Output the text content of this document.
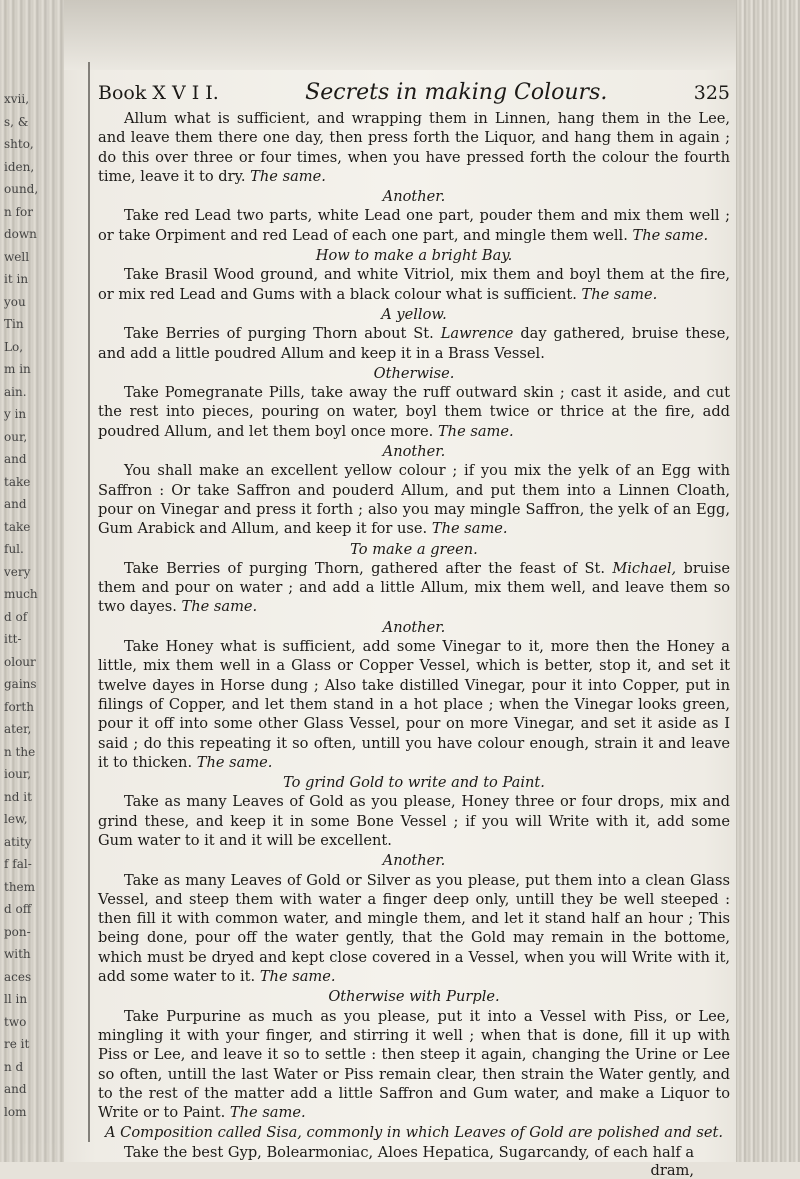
xvii,
s, &
shto,
iden,
ound,
n for
down
well
it in
you
Tin
Lo,
m in
ain.
y in
our,
and
take
and
take
ful.
very
much
d of
itt-
olour
gains
forth
ater,
n the
iour,
nd it
lew,
atity
f fal-
them
d off
pon-
with
aces
ll in
two
re it
n d
and
lom
Book X V I I.	Secrets in making Colours.	325

Allum what is sufficient, and wrapping them in Linnen, hang them in the Lee, and leave them there one day, then press forth the Liquor, and hang them in again ; do this over three or four times, when you have pressed forth the colour the fourth time, leave it to dry. The same.

Another.

Take red Lead two parts, white Lead one part, pouder them and mix them well ; or take Orpiment and red Lead of each one part, and mingle them well. The same.

How to make a bright Bay.

Take Brasil Wood ground, and white Vitriol, mix them and boyl them at the fire, or mix red Lead and Gums with a black colour what is sufficient. The same.

A yellow.

Take Berries of purging Thorn about St. Lawrence day gathered, bruise these, and add a little poudred Allum and keep it in a Brass Vessel.

Otherwise.

Take Pomegranate Pills, take away the ruff outward skin ; cast it aside, and cut the rest into pieces, pouring on water, boyl them twice or thrice at the fire, add poudred Allum, and let them boyl once more. The same.

Another.

You shall make an excellent yellow colour ; if you mix the yelk of an Egg with Saffron : Or take Saffron and pouderd Allum, and put them into a Linnen Cloath, pour on Vinegar and press it forth ; also you may mingle Saffron, the yelk of an Egg, Gum Arabick and Allum, and keep it for use. The same.

To make a green.

Take Berries of purging Thorn, gathered after the feast of St. Michael, bruise them and pour on water ; and add a little Allum, mix them well, and leave them so two dayes. The same.

Another.

Take Honey what is sufficient, add some Vinegar to it, more then the Honey a little, mix them well in a Glass or Copper Vessel, which is better, stop it, and set it twelve dayes in Horse dung ; Also take distilled Vinegar, pour it into Copper, put in filings of Copper, and let them stand in a hot place ; when the Vinegar looks green, pour it off into some other Glass Vessel, pour on more Vinegar, and set it aside as I said ; do this repeating it so often, untill you have colour enough, strain it and leave it to thicken. The same.

To grind Gold to write and to Paint.

Take as many Leaves of Gold as you please, Honey three or four drops, mix and grind these, and keep it in some Bone Vessel ; if you will Write with it, add some Gum water to it and it will be excellent.

Another.

Take as many Leaves of Gold or Silver as you please, put them into a clean Glass Vessel, and steep them with water a finger deep only, untill they be well steeped : then fill it with common water, and mingle them, and let it stand half an hour ; This being done, pour off the water gently, that the Gold may remain in the bottome, which must be dryed and kept close covered in a Vessel, when you will Write with it, add some water to it. The same.

Otherwise with Purple.

Take Purpurine as much as you please, put it into a Vessel with Piss, or Lee, mingling it with your finger, and stirring it well ; when that is done, fill it up with Piss or Lee, and leave it so to settle : then steep it again, changing the Urine or Lee so often, untill the last Water or Piss remain clear, then strain the Water gently, and to the rest of the matter add a little Saffron and Gum water, and make a Liquor to Write or to Paint. The same.

A Composition called Sisa, commonly in which Leaves of Gold are polished and set.

Take the best Gyp, Bolearmoniac, Aloes Hepatica, Sugarcandy, of each half a

dram,
